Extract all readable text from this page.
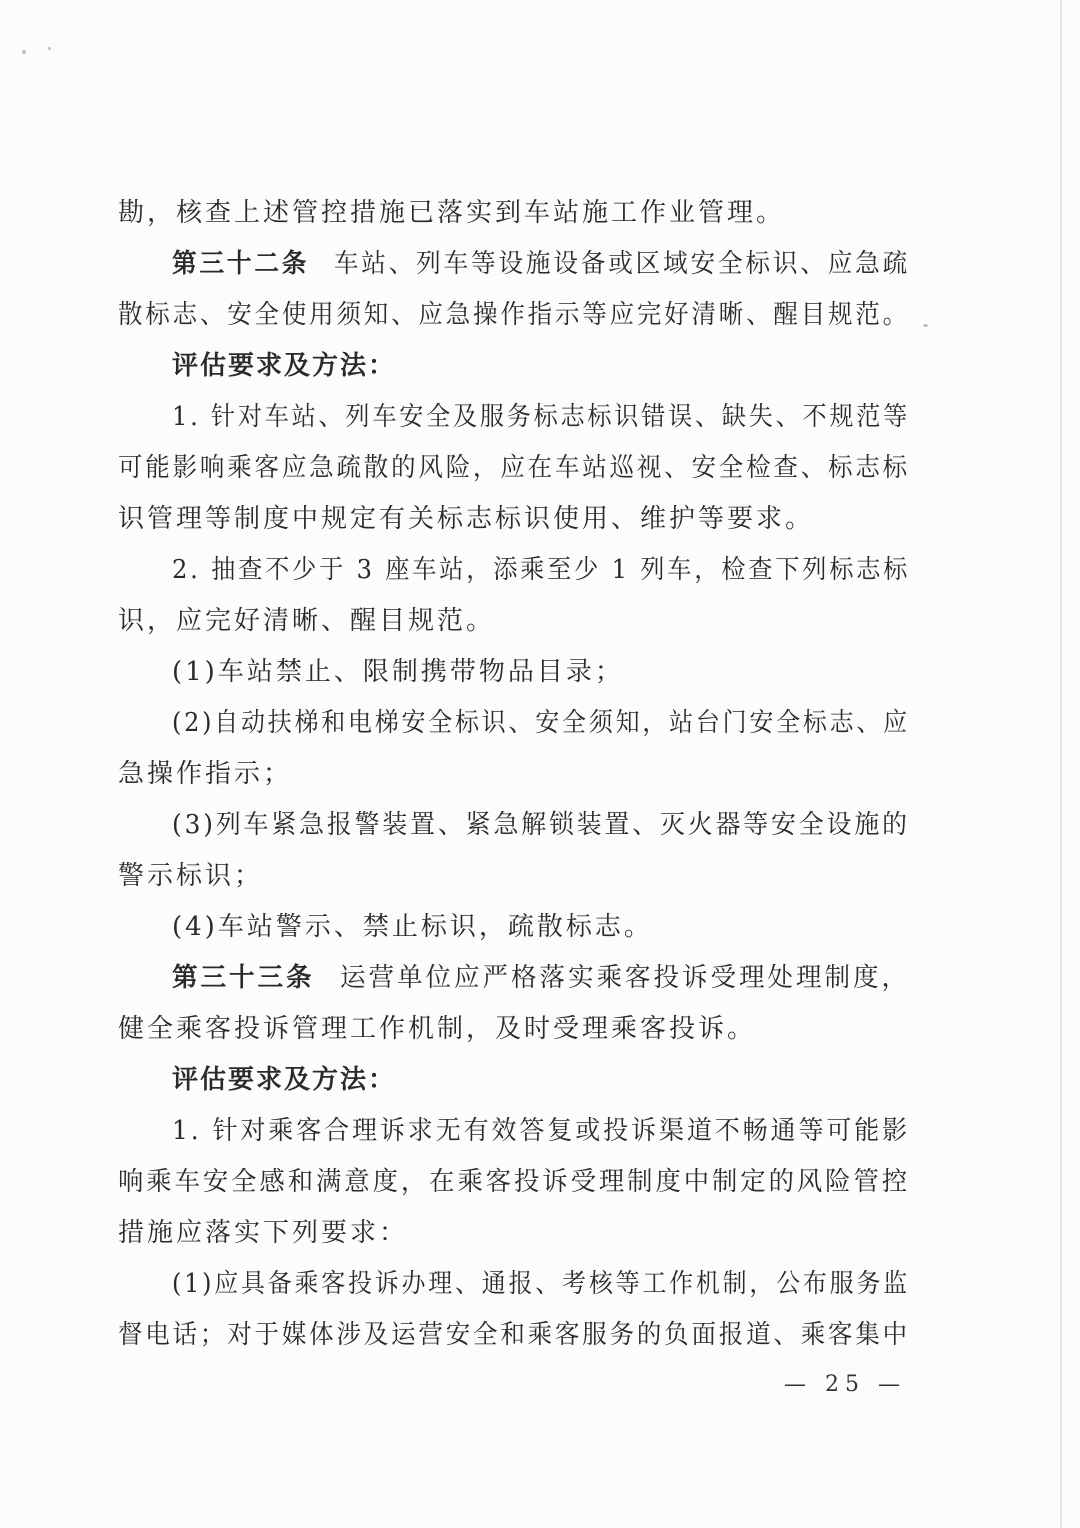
勘，核查上述管控措施已落实到车站施工作业管理。
第三十二条 车站、列车等设施设备或区域安全标识、应急疏
散标志、安全使用须知、应急操作指示等应完好清晰、醒目规范。
评估要求及方法：
1. 针对车站、列车安全及服务标志标识错误、缺失、不规范等
可能影响乘客应急疏散的风险，应在车站巡视、安全检查、标志标
识管理等制度中规定有关标志标识使用、维护等要求。
2. 抽查不少于 3 座车站，添乘至少 1 列车，检查下列标志标
识，应完好清晰、醒目规范。
(1)车站禁止、限制携带物品目录；
(2)自动扶梯和电梯安全标识、安全须知，站台门安全标志、应
急操作指示；
(3)列车紧急报警装置、紧急解锁装置、灭火器等安全设施的
警示标识；
(4)车站警示、禁止标识，疏散标志。
第三十三条 运营单位应严格落实乘客投诉受理处理制度，
健全乘客投诉管理工作机制，及时受理乘客投诉。
评估要求及方法：
1. 针对乘客合理诉求无有效答复或投诉渠道不畅通等可能影
响乘车安全感和满意度，在乘客投诉受理制度中制定的风险管控
措施应落实下列要求：
(1)应具备乘客投诉办理、通报、考核等工作机制，公布服务监
督电话；对于媒体涉及运营安全和乘客服务的负面报道、乘客集中
— 25 —
